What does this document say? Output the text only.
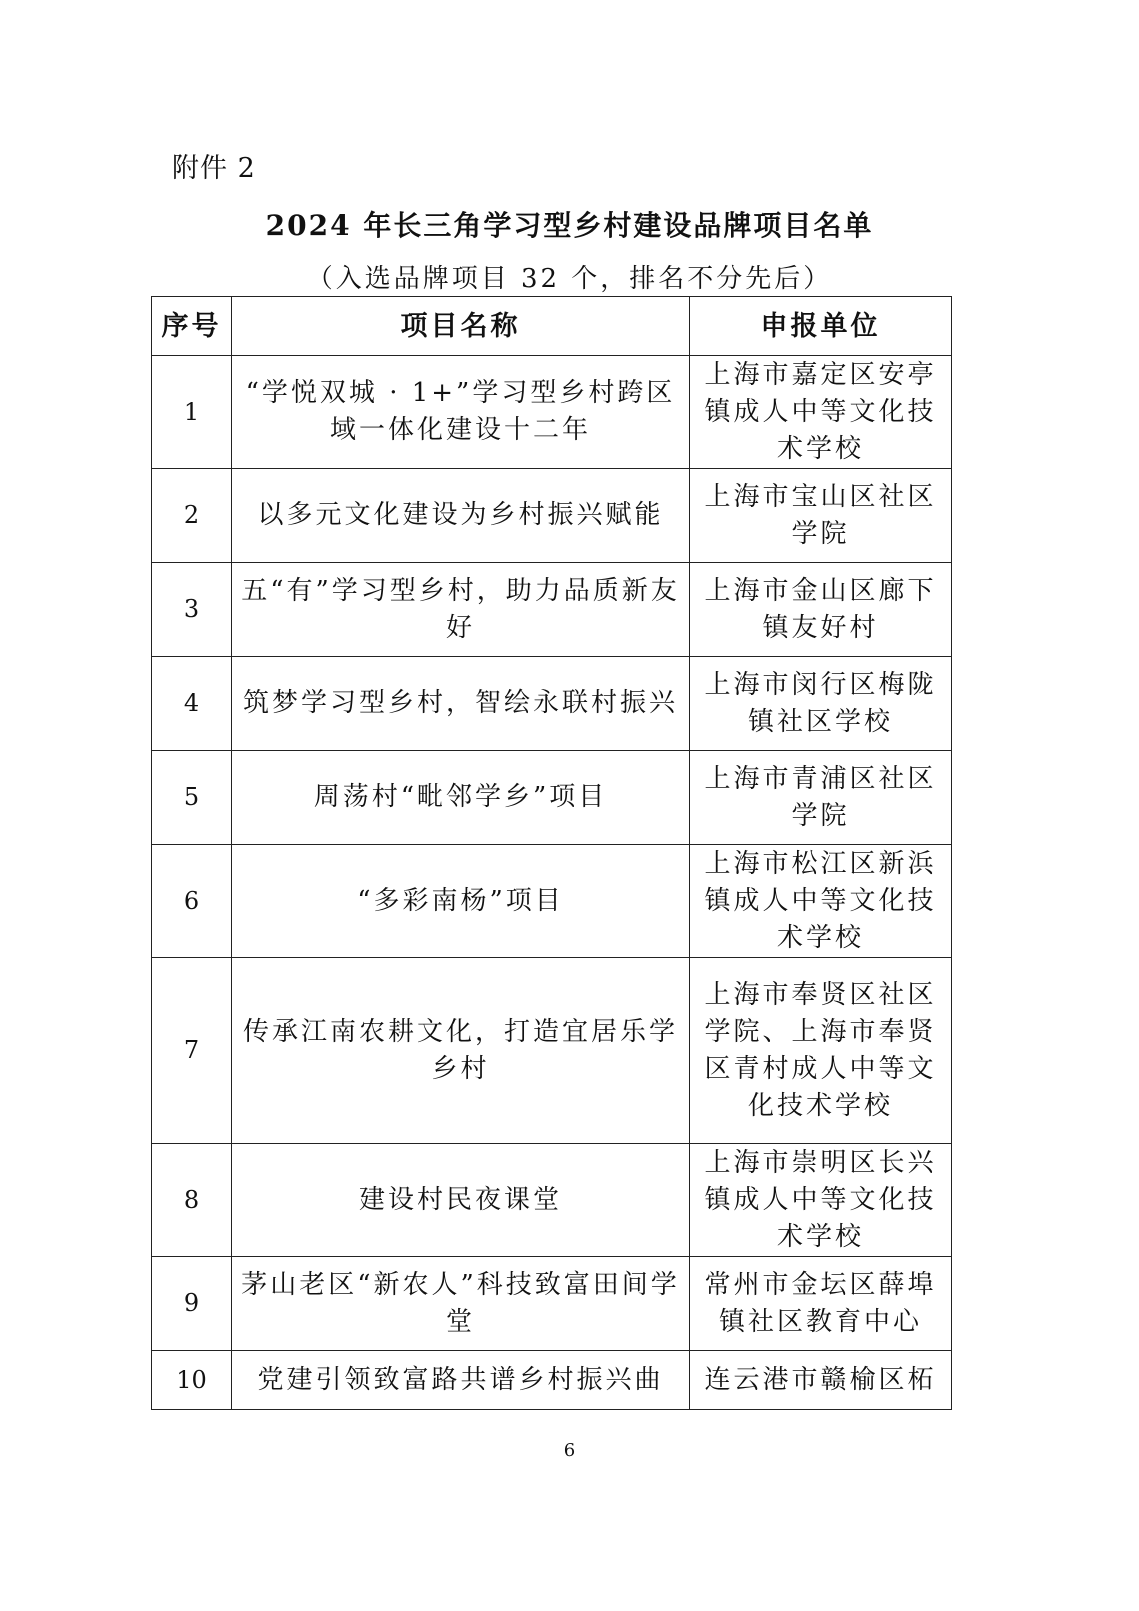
附件 2
2024 年长三角学习型乡村建设品牌项目名单
（入选品牌项目 32 个，排名不分先后）
序号	项目名称	申报单位
1	“学悦双城 · 1+”学习型乡村跨区域一体化建设十二年	上海市嘉定区安亭镇成人中等文化技术学校
2	以多元文化建设为乡村振兴赋能	上海市宝山区社区学院
3	五“有”学习型乡村，助力品质新友好	上海市金山区廊下镇友好村
4	筑梦学习型乡村，智绘永联村振兴	上海市闵行区梅陇镇社区学校
5	周荡村“毗邻学乡”项目	上海市青浦区社区学院
6	“多彩南杨”项目	上海市松江区新浜镇成人中等文化技术学校
7	传承江南农耕文化，打造宜居乐学乡村	上海市奉贤区社区学院、上海市奉贤区青村成人中等文化技术学校
8	建设村民夜课堂	上海市崇明区长兴镇成人中等文化技术学校
9	茅山老区“新农人”科技致富田间学堂	常州市金坛区薛埠镇社区教育中心
10	党建引领致富路共谱乡村振兴曲	连云港市赣榆区柘
6
